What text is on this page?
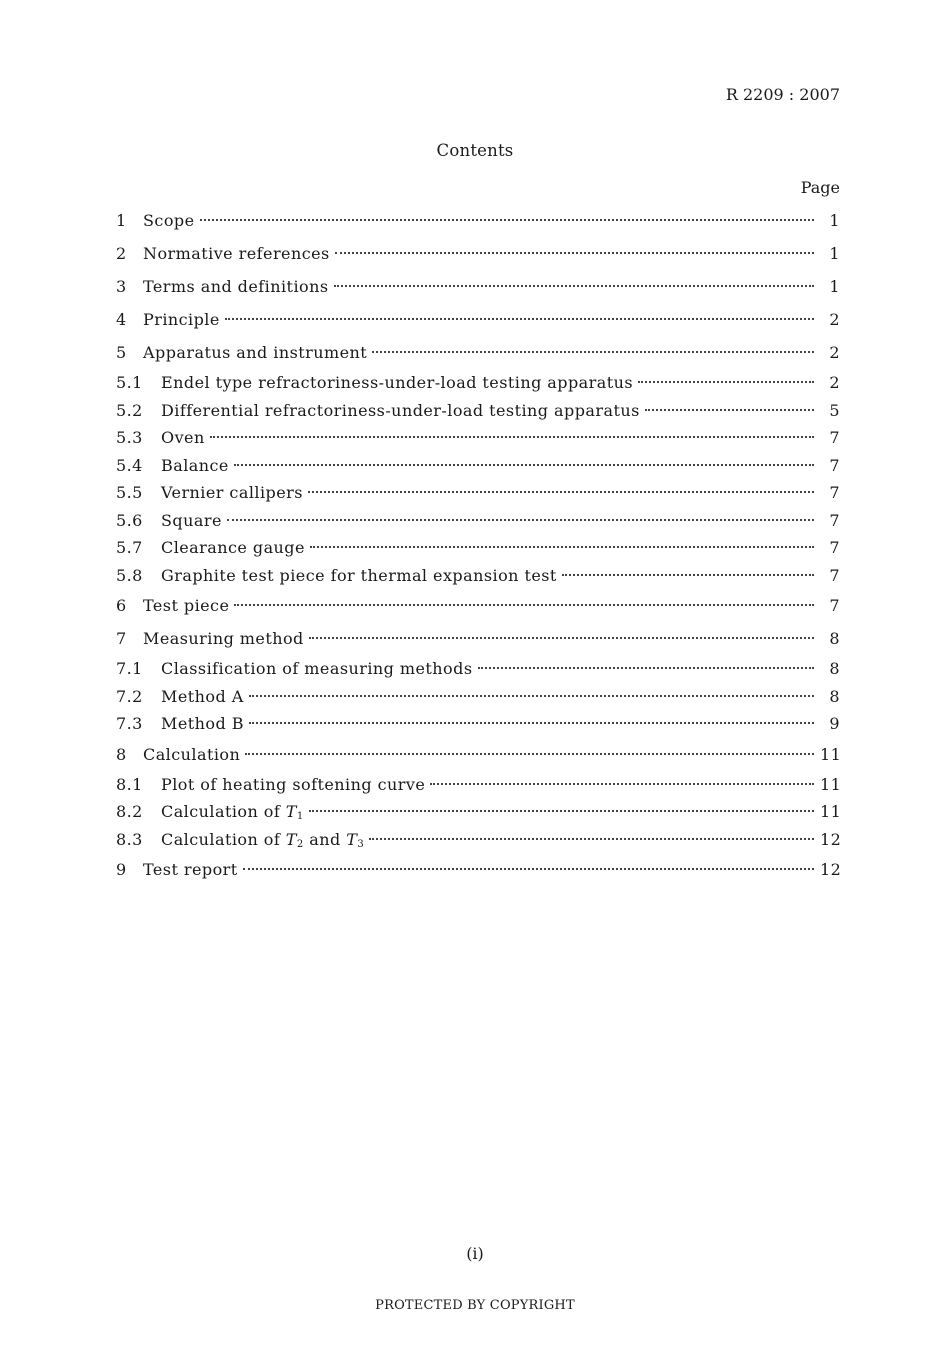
R 2209 : 2007
Contents
Page
1	Scope	1
2	Normative references	1
3	Terms and definitions	1
4	Principle	2
5	Apparatus and instrument	2
5.1	Endel type refractoriness-under-load testing apparatus	2
5.2	Differential refractoriness-under-load testing apparatus	5
5.3	Oven	7
5.4	Balance	7
5.5	Vernier callipers	7
5.6	Square	7
5.7	Clearance gauge	7
5.8	Graphite test piece for thermal expansion test	7
6	Test piece	7
7	Measuring method	8
7.1	Classification of measuring methods	8
7.2	Method A	8
7.3	Method B	9
8	Calculation	11
8.1	Plot of heating softening curve	11
8.2	Calculation of $T_1$	11
8.3	Calculation of $T_2$ and $T_3$	12
9	Test report	12
(i)
PROTECTED BY COPYRIGHT
